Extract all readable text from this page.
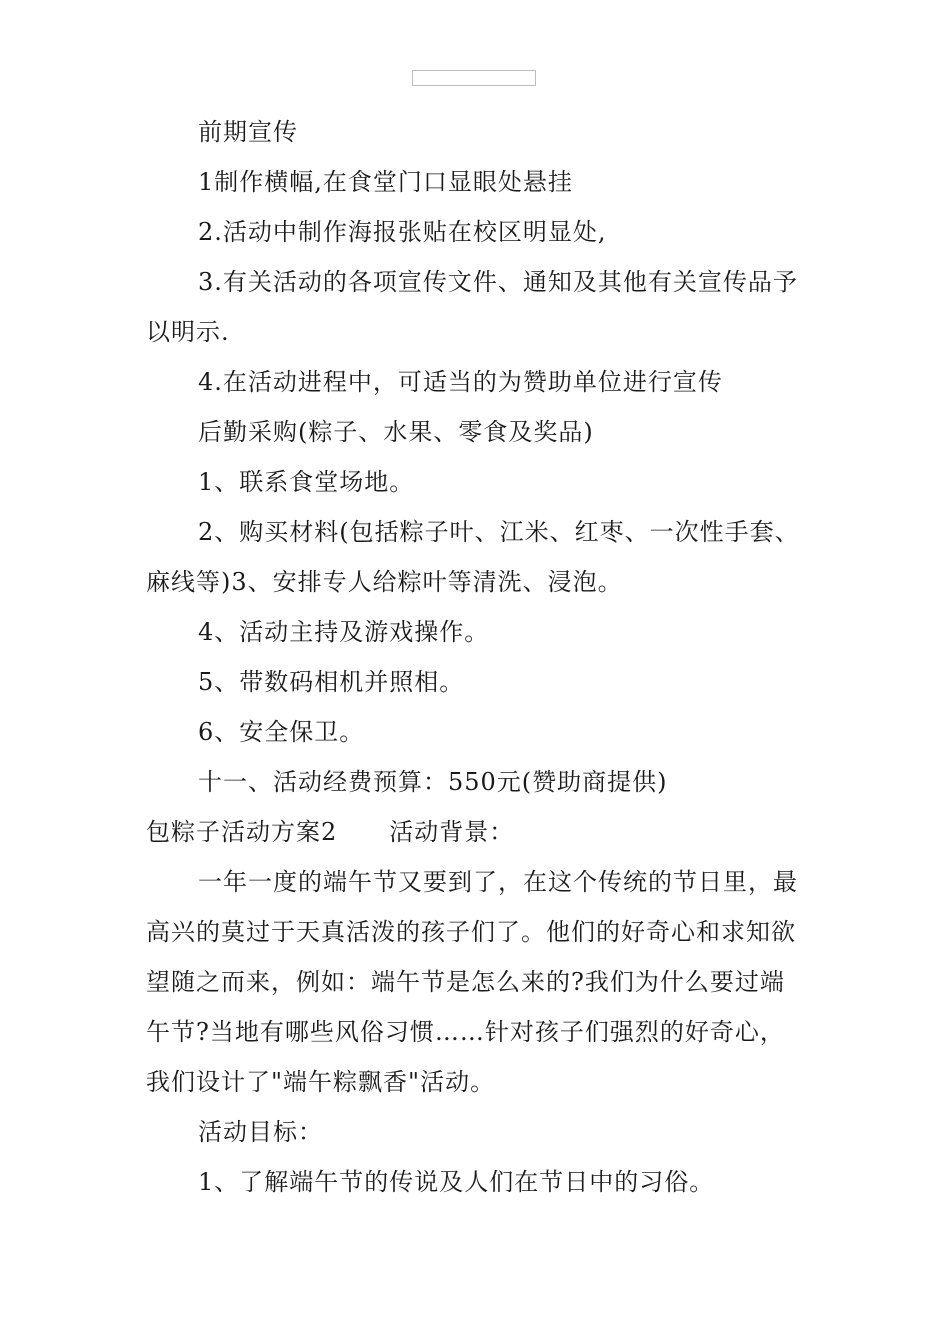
前期宣传
1制作横幅,在食堂门口显眼处悬挂
2.活动中制作海报张贴在校区明显处,
3.有关活动的各项宣传文件、通知及其他有关宣传品予
以明示.
4.在活动进程中，可适当的为赞助单位进行宣传
后勤采购(粽子、水果、零食及奖品)
1、联系食堂场地。
2、购买材料(包括粽子叶、江米、红枣、一次性手套、
麻线等)3、安排专人给粽叶等清洗、浸泡。
4、活动主持及游戏操作。
5、带数码相机并照相。
6、安全保卫。
十一、活动经费预算：550元(赞助商提供)
包粽子活动方案2 活动背景：
一年一度的端午节又要到了，在这个传统的节日里，最
高兴的莫过于天真活泼的孩子们了。他们的好奇心和求知欲
望随之而来，例如：端午节是怎么来的?我们为什么要过端
午节?当地有哪些风俗习惯……针对孩子们强烈的好奇心，
我们设计了"端午粽飘香"活动。
活动目标：
1、了解端午节的传说及人们在节日中的习俗。
